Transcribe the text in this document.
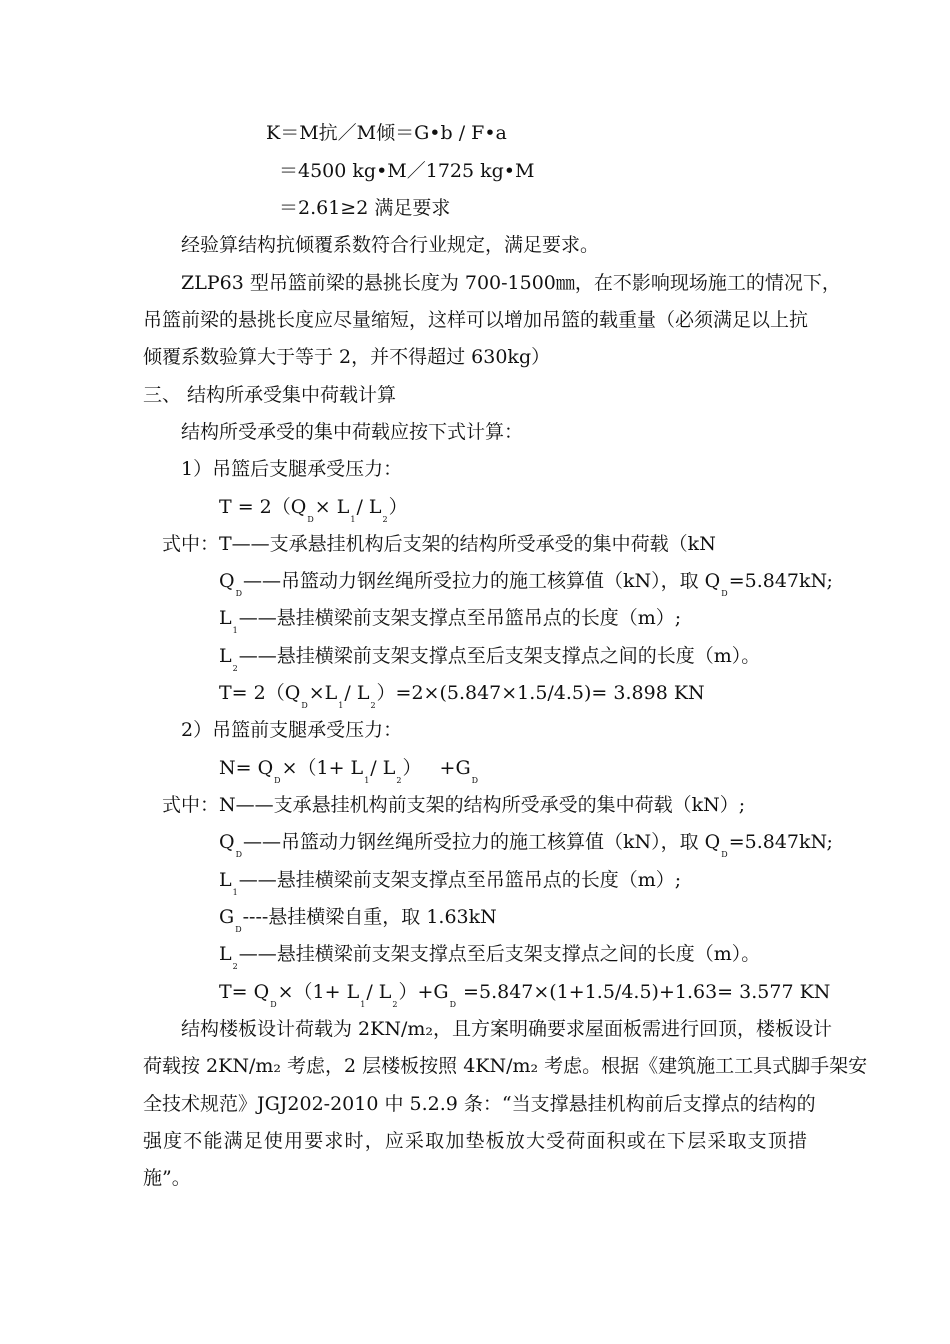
K＝M抗／M倾＝G•b / F•a
＝4500 kg•M／1725 kg•M
＝2.61≥2 满足要求
经验算结构抗倾覆系数符合行业规定，满足要求。
ZLP63 型吊篮前梁的悬挑长度为 700-1500㎜，在不影响现场施工的情况下，
吊篮前梁的悬挑长度应尽量缩短，这样可以增加吊篮的载重量（必须满足以上抗
倾覆系数验算大于等于 2，并不得超过 630kg）
三、 结构所承受集中荷载计算
结构所受承受的集中荷载应按下式计算：
1）吊篮后支腿承受压力：
$T = 2(Q_D\times L_1/$ $L_2$）
式中：T——支承悬挂机构后支架的结构所受承受的集中荷载（kN
$Q_D——$吊篮动力钢丝绳所受拉力的施工核算值（kN），取 $Q_D=5.847kN$;
$L_1——$悬挂横梁前支架支撑点至吊篮吊点的长度（m）;
$L_2——$悬挂横梁前支架支撑点至后支架支撑点之间的长度（m）。
$T= 2(Q_D\times L_1/$ $L_2)=2\times(5.847\times 1.5/4.5)= 3.898$ KN
2）吊篮前支腿承受压力：
$N= Q_D\times(1+ L_1/$ $L_2) +G_D$
式中：N——支承悬挂机构前支架的结构所受承受的集中荷载（kN）;
$Q_D——$吊篮动力钢丝绳所受拉力的施工核算值（kN），取 $Q_D=5.847kN$;
$L_1——$悬挂横梁前支架支撑点至吊篮吊点的长度（m）;
$G_D----$悬挂横梁自重，取 1.63kN
$L_2——$悬挂横梁前支架支撑点至后支架支撑点之间的长度（m）。
$T= Q_D\times(1+ L_1/$ $L_2)+G_D =5.847\times(1+1.5/4.5)+1.63= 3.577$ KN
结构楼板设计荷载为 2KN/m₂，且方案明确要求屋面板需进行回顶，楼板设计
荷载按 2KN/m₂ 考虑，2 层楼板按照 4KN/m₂ 考虑。根据《建筑施工工具式脚手架安
全技术规范》JGJ202-2010 中 5.2.9 条：“当支撑悬挂机构前后支撑点的结构的
强度不能满足使用要求时，应采取加垫板放大受荷面积或在下层采取支顶措
施”。
